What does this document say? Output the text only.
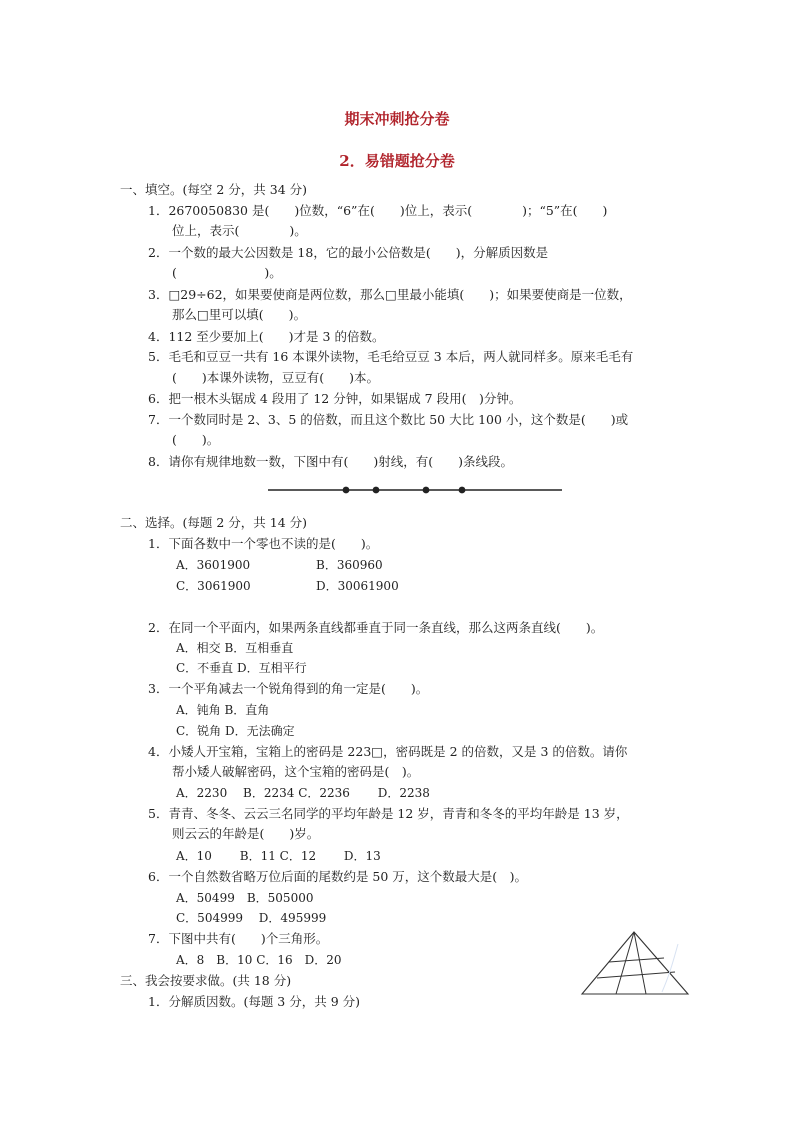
期末冲刺抢分卷
2．易错题抢分卷
一、填空。(每空 2 分，共 34 分)
1．2670050830 是(　　)位数，“6”在(　　)位上，表示(　　　　)；“5”在(　　)
位上，表示(　　　　)。
2．一个数的最大公因数是 18，它的最小公倍数是(　　)，分解质因数是
(　　　　　　　)。
3．□29÷62，如果要使商是两位数，那么□里最小能填(　　)；如果要使商是一位数，
那么□里可以填(　　)。
4．112 至少要加上(　　)才是 3 的倍数。
5．毛毛和豆豆一共有 16 本课外读物，毛毛给豆豆 3 本后，两人就同样多。原来毛毛有
(　　)本课外读物，豆豆有(　　)本。
6．把一根木头锯成 4 段用了 12 分钟，如果锯成 7 段用(　)分钟。
7．一个数同时是 2、3、5 的倍数，而且这个数比 50 大比 100 小，这个数是(　　)或
(　　)。
8．请你有规律地数一数，下图中有(　　)射线，有(　　)条线段。
二、选择。(每题 2 分，共 14 分)
1．下面各数中一个零也不读的是(　　)。
A．3601900	B．360960
C．3061900	D．30061900
2．在同一个平面内，如果两条直线都垂直于同一条直线，那么这两条直线(　　)。
A．相交 B．互相垂直
C．不垂直 D．互相平行
3．一个平角减去一个锐角得到的角一定是(　　)。
A．钝角 B．直角
C．锐角 D．无法确定
4．小矮人开宝箱，宝箱上的密码是 223□，密码既是 2 的倍数，又是 3 的倍数。请你
帮小矮人破解密码，这个宝箱的密码是(　)。
A．2230　 B．2234 C．2236　　 D．2238
5．青青、冬冬、云云三名同学的平均年龄是 12 岁，青青和冬冬的平均年龄是 13 岁，
则云云的年龄是(　　)岁。
A．10　　 B．11 C．12　　 D．13
6．一个自然数省略万位后面的尾数约是 50 万，这个数最大是(　)。
A．50499　B．505000
C．504999　 D．495999
7．下图中共有(　　)个三角形。
A．8　B．10 C．16　D．20
三、我会按要求做。(共 18 分)
1．分解质因数。(每题 3 分，共 9 分)
